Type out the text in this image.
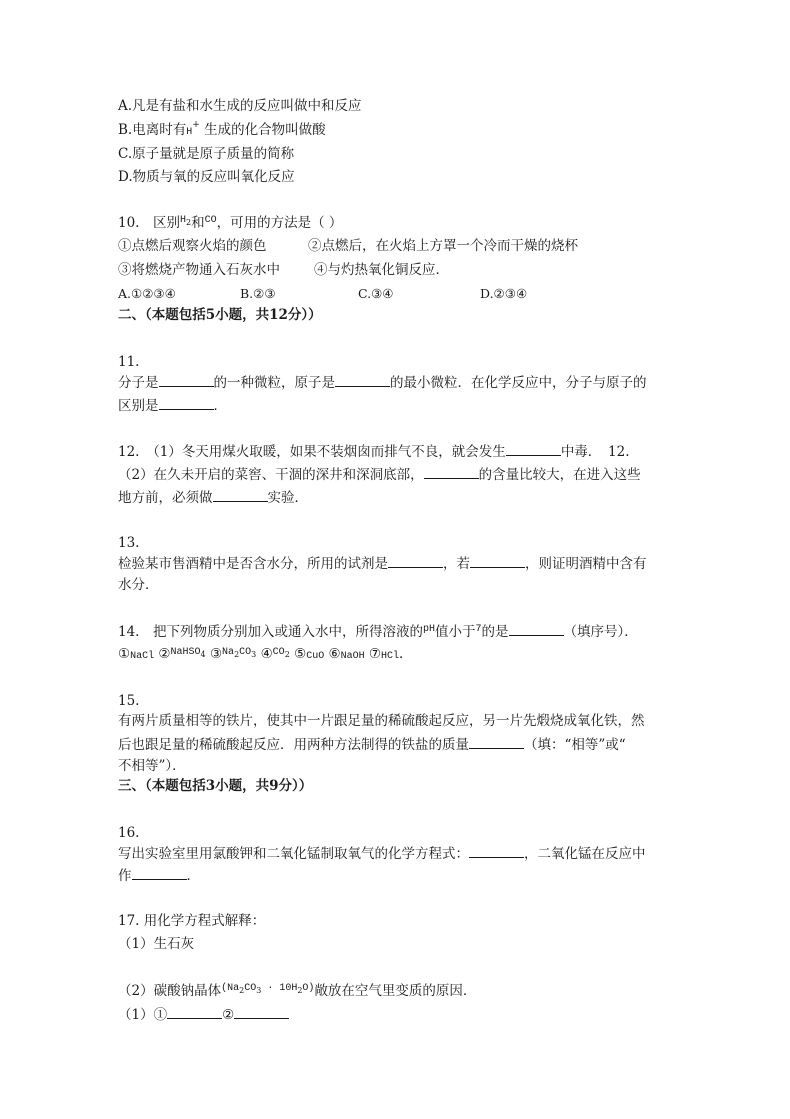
A.凡是有盐和水生成的反应叫做中和反应
B.电离时有H+ 生成的化合物叫做酸
C.原子量就是原子质量的简称
D.物质与氧的反应叫氧化反应
10.　区别$^H$2和$^{CO}$，可用的方法是（ ）
①点燃后观察火焰的颜色	②点燃后，在火焰上方罩一个冷而干燥的烧杯
③将燃烧产物通入石灰水中	④与灼热氧化铜反应．
A.①②③④	B.②③	C.③④	D.②③④
二、（本题包括5小题，共12分））
11.
分子是	的一种微粒，原子是	的最小微粒．在化学反应中，分子与原子的
区别是	．
12.　（1）冬天用煤火取暖，如果不装烟囱而排气不良，就会发生	中毒．　12.
（2）在久未开启的菜窖、干涸的深井和深洞底部，	的含量比较大，在进入这些
地方前，必须做	实验．
13.
检验某市售酒精中是否含水分，所用的试剂是	，若	，则证明酒精中含有
水分．
14.　把下列物质分别加入或通入水中，所得溶液的$^{pH}$值小于$^7$的是	（填序号）．
①NaCl ②$^{NaHSO}$4 $③^{Na}2^{CO}3$ ④$^{CO}$2 ⑤CuO ⑥NaOH ⑦HCl．
15.
有两片质量相等的铁片，使其中一片跟足量的稀硫酸起反应，另一片先煅烧成氧化铁，然
后也跟足量的稀硫酸起反应．用两种方法制得的铁盐的质量	（填：“相等”或“
不相等”）．
三、（本题包括3小题，共9分））
16.
写出实验室里用氯酸钾和二氧化锰制取氧气的化学方程式：	，二氧化锰在反应中
作	．
17. 用化学方程式解释：
（1）生石灰
（2）碳酸钠晶体$^{(Na}2^{CO}3$ $^{\cdot 10H}2^{O)}$敞放在空气里变质的原因．
（1）①	②
